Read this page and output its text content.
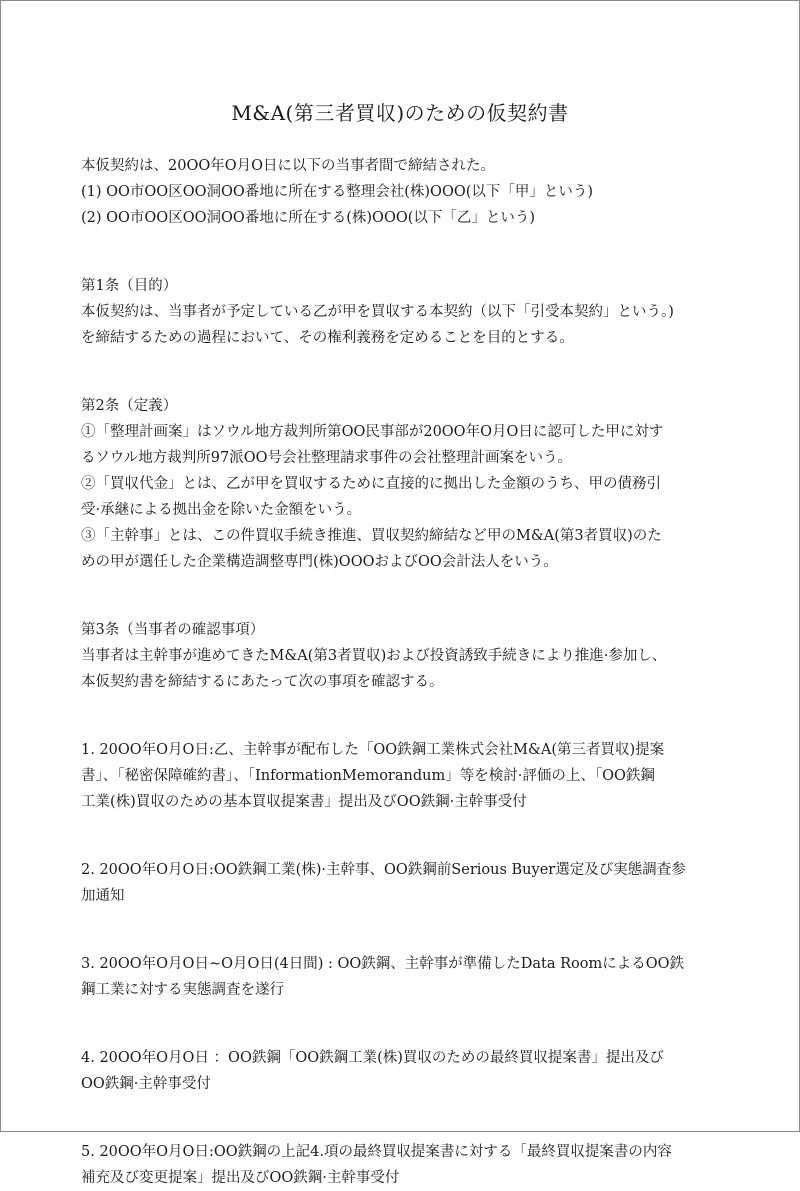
M&A(第三者買収)のための仮契約書

本仮契約は、20OO年O月O日に以下の当事者間で締結された。

(1) OO市OO区OO洞OO番地に所在する整理会社(株)OOO(以下「甲」という)

(2) OO市OO区OO洞OO番地に所在する(株)OOO(以下「乙」という)

第1条（目的）

本仮契約は、当事者が予定している乙が甲を買収する本契約（以下「引受本契約」という。)

を締結するための過程において、その権利義務を定めることを目的とする。

第2条（定義）

①「整理計画案」はソウル地方裁判所第OO民事部が20OO年O月O日に認可した甲に対す

るソウル地方裁判所97派OO号会社整理請求事件の会社整理計画案をいう。

②「買収代金」とは、乙が甲を買収するために直接的に拠出した金額のうち、甲の債務引

受·承継による拠出金を除いた金額をいう。

③「主幹事」とは、この件買収手続き推進、買収契約締結など甲のM&A(第3者買収)のた

めの甲が選任した企業構造調整専門(株)OOOおよびOO会計法人をいう。

第3条（当事者の確認事項）

当事者は主幹事が進めてきたM&A(第3者買収)および投資誘致手続きにより推進·参加し、

本仮契約書を締結するにあたって次の事項を確認する。

1. 20OO年O月O日:乙、主幹事が配布した「OO鉄鋼工業株式会社M&A(第三者買収)提案

書」、「秘密保障確約書」、「InformationMemorandum」等を検討·評価の上、「OO鉄鋼

工業(株)買収のための基本買収提案書」提出及びOO鉄鋼·主幹事受付

2. 20OO年O月O日:OO鉄鋼工業(株)·主幹事、OO鉄鋼前Serious Buyer選定及び実態調査参

加通知

3. 20OO年O月O日~O月O日(4日間) : OO鉄鋼、主幹事が準備したData RoomによるOO鉄

鋼工業に対する実態調査を遂行

4. 20OO年O月O日 ：OO鉄鋼「OO鉄鋼工業(株)買収のための最終買収提案書」提出及び

OO鉄鋼·主幹事受付

5. 20OO年O月O日:OO鉄鋼の上記4.項の最終買収提案書に対する「最終買収提案書の内容

補充及び変更提案」提出及びOO鉄鋼·主幹事受付
